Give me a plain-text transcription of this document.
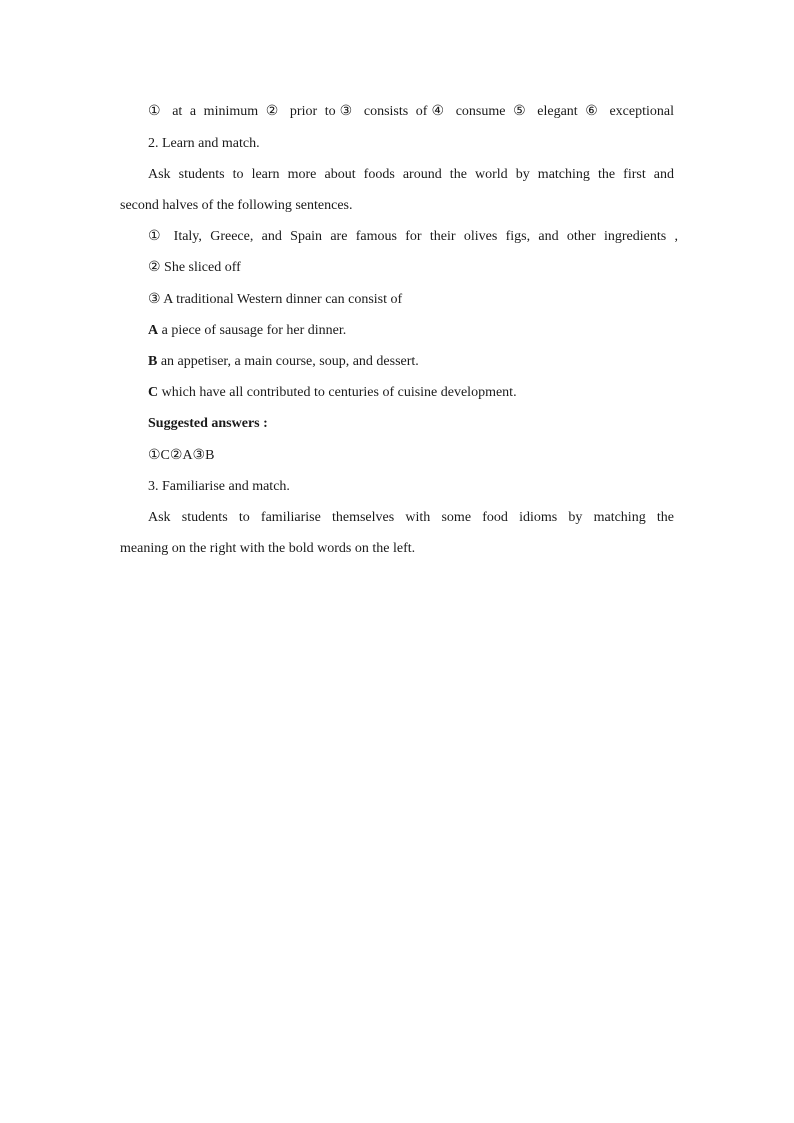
① at a minimum ② prior to③ consists of④ consume ⑤ elegant ⑥ exceptional
2. Learn and match.
Ask students to learn more about foods around the world by matching the first and
second halves of the following sentences.
① Italy, Greece, and Spain are famous for their olives figs, and other ingredients ,
② She sliced off
③ A traditional Western dinner can consist of
A a piece of sausage for her dinner.
B an appetiser, a main course, soup, and dessert.
C which have all contributed to centuries of cuisine development.
Suggested answers :
①C②A③B
3. Familiarise and match.
Ask students to familiarise themselves with some food idioms by matching the
meaning on the right with the bold words on the left.
